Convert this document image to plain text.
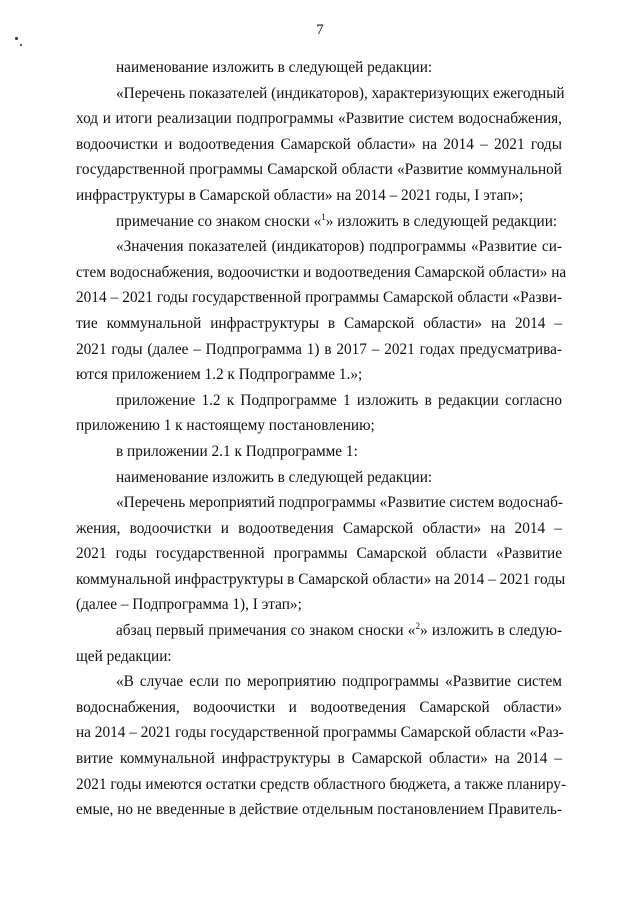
7
наименование изложить в следующей редакции:
«Перечень показателей (индикаторов), характеризующих ежегодный
ход и итоги реализации подпрограммы «Развитие систем водоснабжения,
водоочистки и водоотведения Самарской области» на 2014 – 2021 годы
государственной программы Самарской области «Развитие коммунальной
инфраструктуры в Самарской области» на 2014 – 2021 годы, I этап»;
примечание со знаком сноски «$^1$» изложить в следующей редакции:
«Значения показателей (индикаторов) подпрограммы «Развитие си-
стем водоснабжения, водоочистки и водоотведения Самарской области» на
2014 – 2021 годы государственной программы Самарской области «Разви-
тие коммунальной инфраструктуры в Самарской области» на 2014 –
2021 годы (далее – Подпрограмма 1) в 2017 – 2021 годах предусматрива-
ются приложением 1.2 к Подпрограмме 1.»;
приложение 1.2 к Подпрограмме 1 изложить в редакции согласно
приложению 1 к настоящему постановлению;
в приложении 2.1 к Подпрограмме 1:
наименование изложить в следующей редакции:
«Перечень мероприятий подпрограммы «Развитие систем водоснаб-
жения, водоочистки и водоотведения Самарской области» на 2014 –
2021 годы государственной программы Самарской области «Развитие
коммунальной инфраструктуры в Самарской области» на 2014 – 2021 годы
(далее – Подпрограмма 1), I этап»;
абзац первый примечания со знаком сноски «$^2$» изложить в следую-
щей редакции:
«В случае если по мероприятию подпрограммы «Развитие систем
водоснабжения, водоочистки и водоотведения Самарской области»
на 2014 – 2021 годы государственной программы Самарской области «Раз-
витие коммунальной инфраструктуры в Самарской области» на 2014 –
2021 годы имеются остатки средств областного бюджета, а также планиру-
емые, но не введенные в действие отдельным постановлением Правитель-
